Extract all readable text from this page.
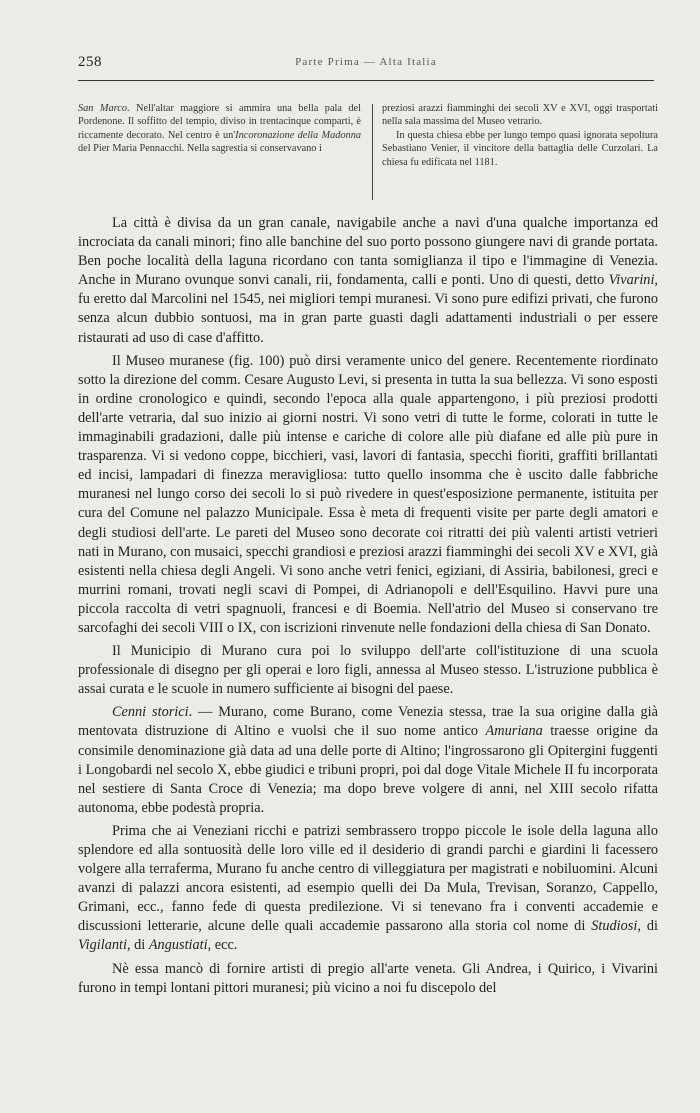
258	Parte Prima — Alta Italia

San Marco. Nell'altar maggiore si ammira una bella pala del Pordenone. Il soffitto del tempio, diviso in trentacinque comparti, è riccamente decorato. Nel centro è un'Incoronazione della Madonna del Pier Maria Pennacchi. Nella sagrestia si conservavano i

preziosi arazzi fiamminghi dei secoli XV e XVI, oggi trasportati nella sala massima del Museo vetrario.

In questa chiesa ebbe per lungo tempo quasi ignorata sepoltura Sebastiano Venier, il vincitore della battaglia delle Curzolari. La chiesa fu edificata nel 1181.

La città è divisa da un gran canale, navigabile anche a navi d'una qualche importanza ed incrociata da canali minori; fino alle banchine del suo porto possono giungere navi di grande portata. Ben poche località della laguna ricordano con tanta somiglianza il tipo e l'immagine di Venezia. Anche in Murano ovunque sonvi canali, rii, fondamenta, calli e ponti. Uno di questi, detto Vivarini, fu eretto dal Marcolini nel 1545, nei migliori tempi muranesi. Vi sono pure edifizi privati, che furono senza alcun dubbio sontuosi, ma in gran parte guasti dagli adattamenti industriali o per essere ristaurati ad uso di case d'affitto.

Il Museo muranese (fig. 100) può dirsi veramente unico del genere. Recentemente riordinato sotto la direzione del comm. Cesare Augusto Levi, si presenta in tutta la sua bellezza. Vi sono esposti in ordine cronologico e quindi, secondo l'epoca alla quale appartengono, i più preziosi prodotti dell'arte vetraria, dal suo inizio ai giorni nostri. Vi sono vetri di tutte le forme, colorati in tutte le immaginabili gradazioni, dalle più intense e cariche di colore alle più diafane ed alle più pure in trasparenza. Vi si vedono coppe, bicchieri, vasi, lavori di fantasia, specchi fioriti, graffiti brillantati ed incisi, lampadari di finezza meravigliosa: tutto quello insomma che è uscito dalle fabbriche muranesi nel lungo corso dei secoli lo si può rivedere in quest'esposizione permanente, istituita per cura del Comune nel palazzo Municipale. Essa è meta di frequenti visite per parte degli amatori e degli studiosi dell'arte. Le pareti del Museo sono decorate coi ritratti dei più valenti artisti vetrieri nati in Murano, con musaici, specchi grandiosi e preziosi arazzi fiamminghi dei secoli XV e XVI, già esistenti nella chiesa degli Angeli. Vi sono anche vetri fenici, egiziani, di Assiria, babilonesi, greci e murrini romani, trovati negli scavi di Pompei, di Adrianopoli e dell'Esquilino. Havvi pure una piccola raccolta di vetri spagnuoli, francesi e di Boemia. Nell'atrio del Museo si conservano tre sarcofaghi dei secoli VIII o IX, con iscrizioni rinvenute nelle fondazioni della chiesa di San Donato.

Il Municipio di Murano cura poi lo sviluppo dell'arte coll'istituzione di una scuola professionale di disegno per gli operai e loro figli, annessa al Museo stesso. L'istruzione pubblica è assai curata e le scuole in numero sufficiente ai bisogni del paese.

Cenni storici. — Murano, come Burano, come Venezia stessa, trae la sua origine dalla già mentovata distruzione di Altino e vuolsi che il suo nome antico Amuriana traesse origine da consimile denominazione già data ad una delle porte di Altino; l'ingrossarono gli Opitergini fuggenti i Longobardi nel secolo X, ebbe giudici e tribuni propri, poi dal doge Vitale Michele II fu incorporata nel sestiere di Santa Croce di Venezia; ma dopo breve volgere di anni, nel XIII secolo rifatta autonoma, ebbe podestà propria.

Prima che ai Veneziani ricchi e patrizi sembrassero troppo piccole le isole della laguna allo splendore ed alla sontuosità delle loro ville ed il desiderio di grandi parchi e giardini li facessero volgere alla terraferma, Murano fu anche centro di villeggiatura per magistrati e nobiluomini. Alcuni avanzi di palazzi ancora esistenti, ad esempio quelli dei Da Mula, Trevisan, Soranzo, Cappello, Grimani, ecc., fanno fede di questa predilezione. Vi si tenevano fra i conventi accademie e discussioni letterarie, alcune delle quali accademie passarono alla storia col nome di Studiosi, di Vigilanti, di Angustiati, ecc.

Nè essa mancò di fornire artisti di pregio all'arte veneta. Gli Andrea, i Quirico, i Vivarini furono in tempi lontani pittori muranesi; più vicino a noi fu discepolo del
